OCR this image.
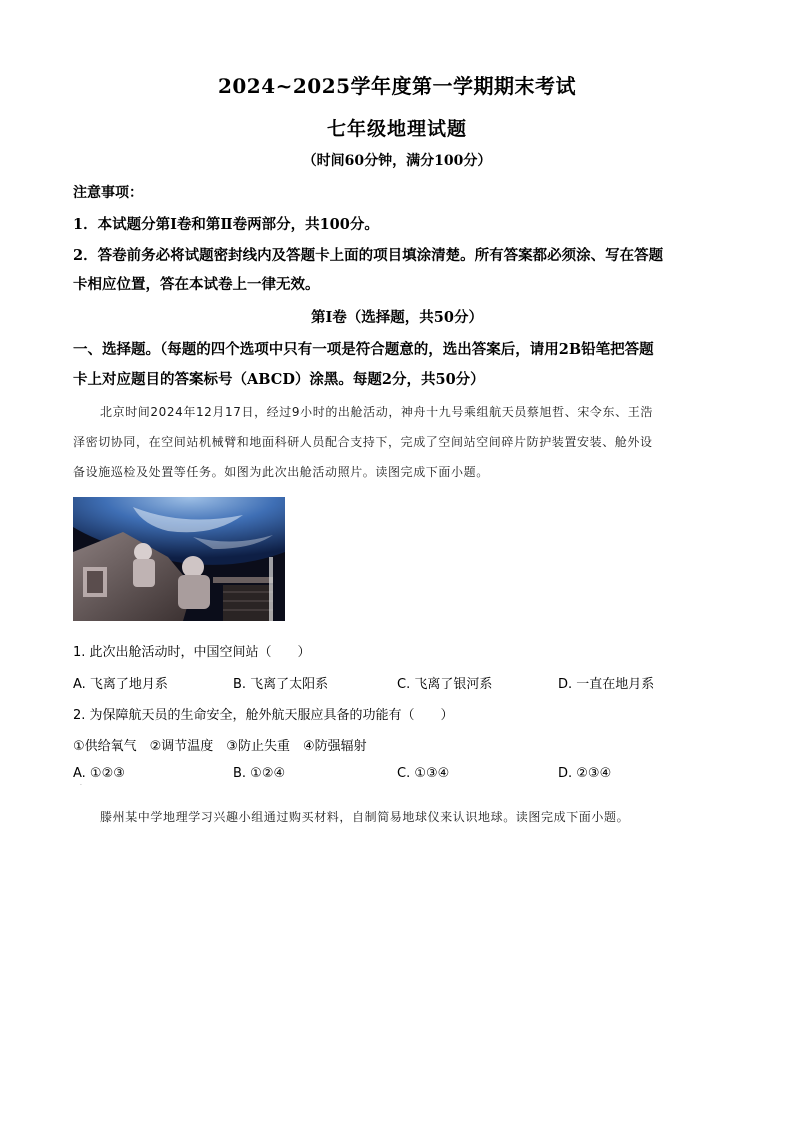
2024~2025学年度第一学期期末考试
七年级地理试题
（时间60分钟，满分100分）
注意事项：
1．本试题分第Ⅰ卷和第Ⅱ卷两部分，共100分。
2．答卷前务必将试题密封线内及答题卡上面的项目填涂清楚。所有答案都必须涂、写在答题
卡相应位置，答在本试卷上一律无效。
第Ⅰ卷（选择题，共50分）
一、选择题。（每题的四个选项中只有一项是符合题意的，选出答案后，请用2B铅笔把答题
卡上对应题目的答案标号（ABCD）涂黑。每题2分，共50分）
北京时间2024年12月17日，经过9小时的出舱活动，神舟十九号乘组航天员蔡旭哲、宋令东、王浩
泽密切协同，在空间站机械臂和地面科研人员配合支持下，完成了空间站空间碎片防护装置安装、舱外设
备设施巡检及处置等任务。如图为此次出舱活动照片。读图完成下面小题。
1. 此次出舱活动时，中国空间站（　　）
A. 飞离了地月系	B. 飞离了太阳系	C. 飞离了银河系	D. 一直在地月系
2. 为保障航天员的生命安全，舱外航天服应具备的功能有（　　）
①供给氧气　②调节温度　③防止失重　④防强辐射
A. ①②③	B. ①②④	C. ①③④	D. ②③④
·
滕州某中学地理学习兴趣小组通过购买材料，自制简易地球仪来认识地球。读图完成下面小题。
